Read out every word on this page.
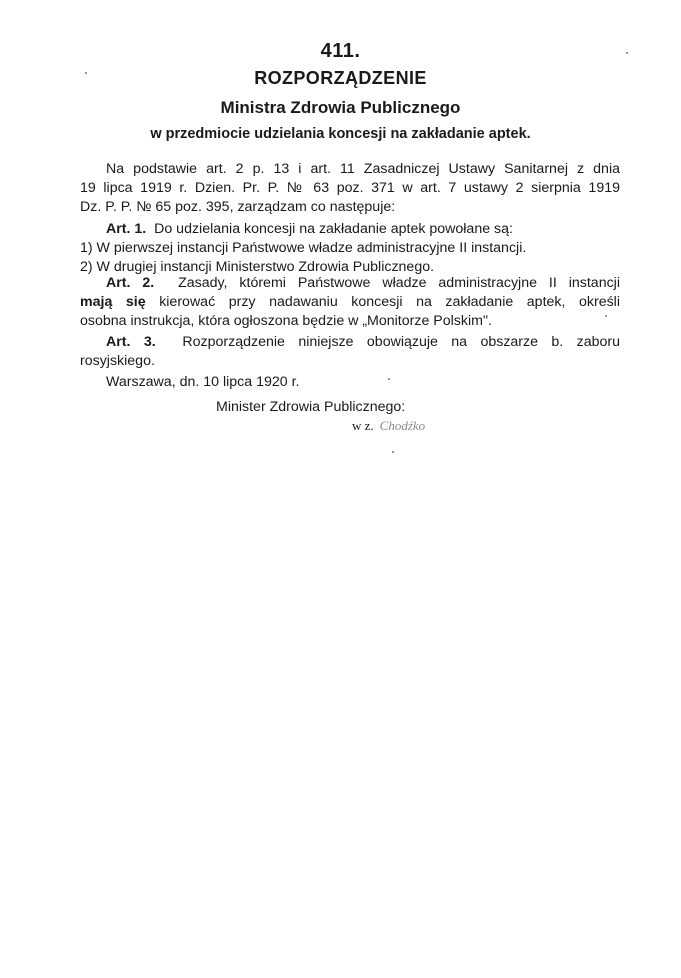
411.
ROZPORZĄDZENIE
Ministra Zdrowia Publicznego
w przedmiocie udzielania koncesji na zakładanie aptek.
Na podstawie art. 2 p. 13 i art. 11 Zasadniczej Ustawy Sanitarnej z dnia
19 lipca 1919 r. Dzien. Pr. P. № 63 poz. 371 w art. 7 ustawy 2 sierpnia 1919
Dz. P. P. № 65 poz. 395, zarządzam co następuje:
Art. 1. Do udzielania koncesji na zakładanie aptek powołane są:
1) W pierwszej instancji Państwowe władze administracyjne II instancji.
2) W drugiej instancji Ministerstwo Zdrowia Publicznego.
Art. 2. Zasady, któremi Państwowe władze administracyjne II instancji
mają się kierować przy nadawaniu koncesji na zakładanie aptek, określi
osobna instrukcja, która ogłoszona będzie w „Monitorze Polskim".
Art. 3. Rozporządzenie niniejsze obowiązuje na obszarze b. zaboru
rosyjskiego.
Warszawa, dn. 10 lipca 1920 r.
Minister Zdrowia Publicznego:
w z. Chodźko
